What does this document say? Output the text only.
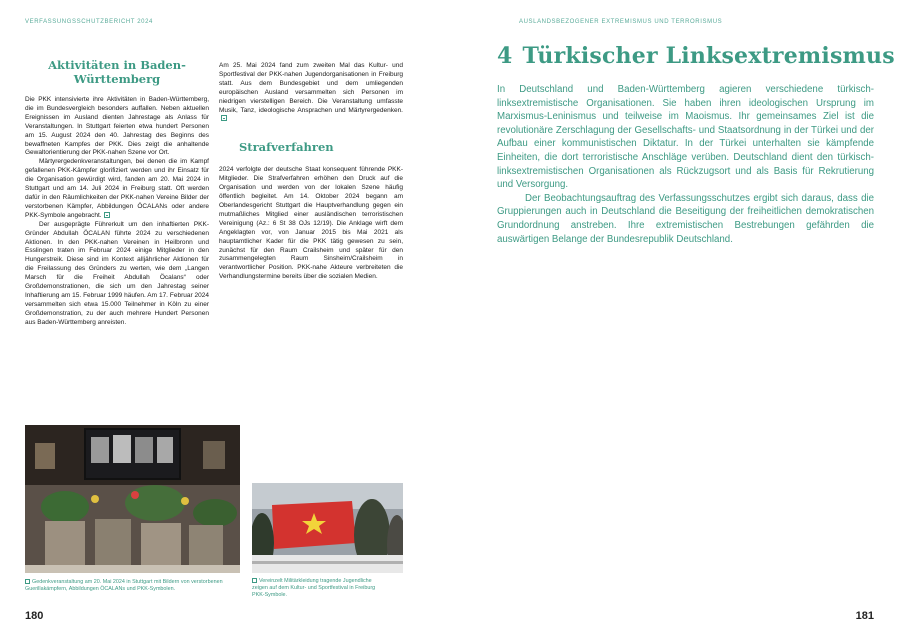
VERFASSUNGSSCHUTZBERICHT 2024	AUSLANDSBEZOGENER EXTREMISMUS UND TERRORISMUS
Aktivitäten in Baden-Württemberg

Die PKK intensivierte ihre Aktivitäten in Baden-Württemberg, die im Bundesvergleich besonders auffallen. Neben aktuellen Ereignissen im Ausland dienten Jahrestage als Anlass für Veranstaltungen. In Stuttgart feierten etwa hundert Personen am 15. August 2024 den 40. Jahrestag des Beginns des bewaffneten Kampfes der PKK. Dies zeigt die anhaltende Gewaltorientierung der PKK-nahen Szene vor Ort.

Märtyrergedenkveranstaltungen, bei denen die im Kampf gefallenen PKK-Kämpfer glorifiziert werden und ihr Einsatz für die Organisation gewürdigt wird, fanden am 20. Mai 2024 in Stuttgart und am 14. Juli 2024 in Freiburg statt. Oft werden dafür in den Räumlichkeiten der PKK-nahen Vereine Bilder der verstorbenen Kämpfer, Abbildungen ÖCALANs oder andere PKK-Symbole angebracht.

Der ausgeprägte Führerkult um den inhaftierten PKK-Gründer Abdullah ÖCALAN führte 2024 zu verschiedenen Aktionen. In den PKK-nahen Vereinen in Heilbronn und Esslingen traten im Februar 2024 einige Mitglieder in den Hungerstreik. Diese sind im Kontext alljährlicher Aktionen für die Freilassung des Gründers zu werten, wie dem „Langen Marsch für die Freiheit Abdullah Öcalans“ oder Großdemonstrationen, die sich um den Jahrestag seiner Inhaftierung am 15. Februar 1999 häufen. Am 17. Februar 2024 versammelten sich etwa 15.000 Teilnehmer in Köln zu einer Großdemonstration, zu der auch mehrere Hundert Personen aus Baden-Württemberg anreisten.

Am 25. Mai 2024 fand zum zweiten Mal das Kultur- und Sportfestival der PKK-nahen Jugendorganisationen in Freiburg statt. Aus dem Bundesgebiet und dem umliegenden europäischen Ausland versammelten sich Personen im niedrigen vierstelligen Bereich. Die Veranstaltung umfasste Musik, Tanz, ideologische Ansprachen und Märtyrergedenken.

Strafverfahren

2024 verfolgte der deutsche Staat konsequent führende PKK-Mitglieder. Die Strafverfahren erhöhen den Druck auf die Organisation und werden von der lokalen Szene häufig öffentlich begleitet. Am 14. Oktober 2024 begann am Oberlandesgericht Stuttgart die Hauptverhandlung gegen ein mutmaßliches Mitglied einer ausländischen terroristischen Vereinigung (Az.: 6 St 38 OJs 12/19). Die Anklage wirft dem Angeklagten vor, von Januar 2015 bis Mai 2021 als hauptamtlicher Kader für die PKK tätig gewesen zu sein, zunächst für den Raum Crailsheim und später für den zusammengelegten Raum Sinsheim/Crailsheim in verantwortlicher Position. PKK-nahe Akteure verbreiteten die Verhandlungstermine bereits über die sozialen Medien.

Gedenkveranstaltung am 20. Mai 2024 in Stuttgart mit Bildern von verstorbenen Guerillakämpfern, Abbildungen ÖCALANs und PKK-Symbolen.
Vereinzelt Militärkleidung tragende Jugendliche zeigen auf dem Kultur- und Sportfestival in Freiburg PKK-Symbole.
4 Türkischer Linksextremismus

In Deutschland und Baden-Württemberg agieren verschiedene türkisch-linksextremistische Organisationen. Sie haben ihren ideologischen Ursprung im Marxismus-Leninismus und teilweise im Maoismus. Ihr gemeinsames Ziel ist die revolutionäre Zerschlagung der Gesellschafts- und Staatsordnung in der Türkei und der Aufbau einer kommunistischen Diktatur. In der Türkei unterhalten sie kämpfende Einheiten, die dort terroristische Anschläge verüben. Deutschland dient den türkisch-linksextremistischen Organisationen als Rückzugsort und als Basis für Rekrutierung und Versorgung.

Der Beobachtungsauftrag des Verfassungsschutzes ergibt sich daraus, dass die Gruppierungen auch in Deutschland die Beseitigung der freiheitlichen demokratischen Grundordnung anstreben. Ihre extremistischen Bestrebungen gefährden die auswärtigen Belange der Bundesrepublik Deutschland.

180	181
